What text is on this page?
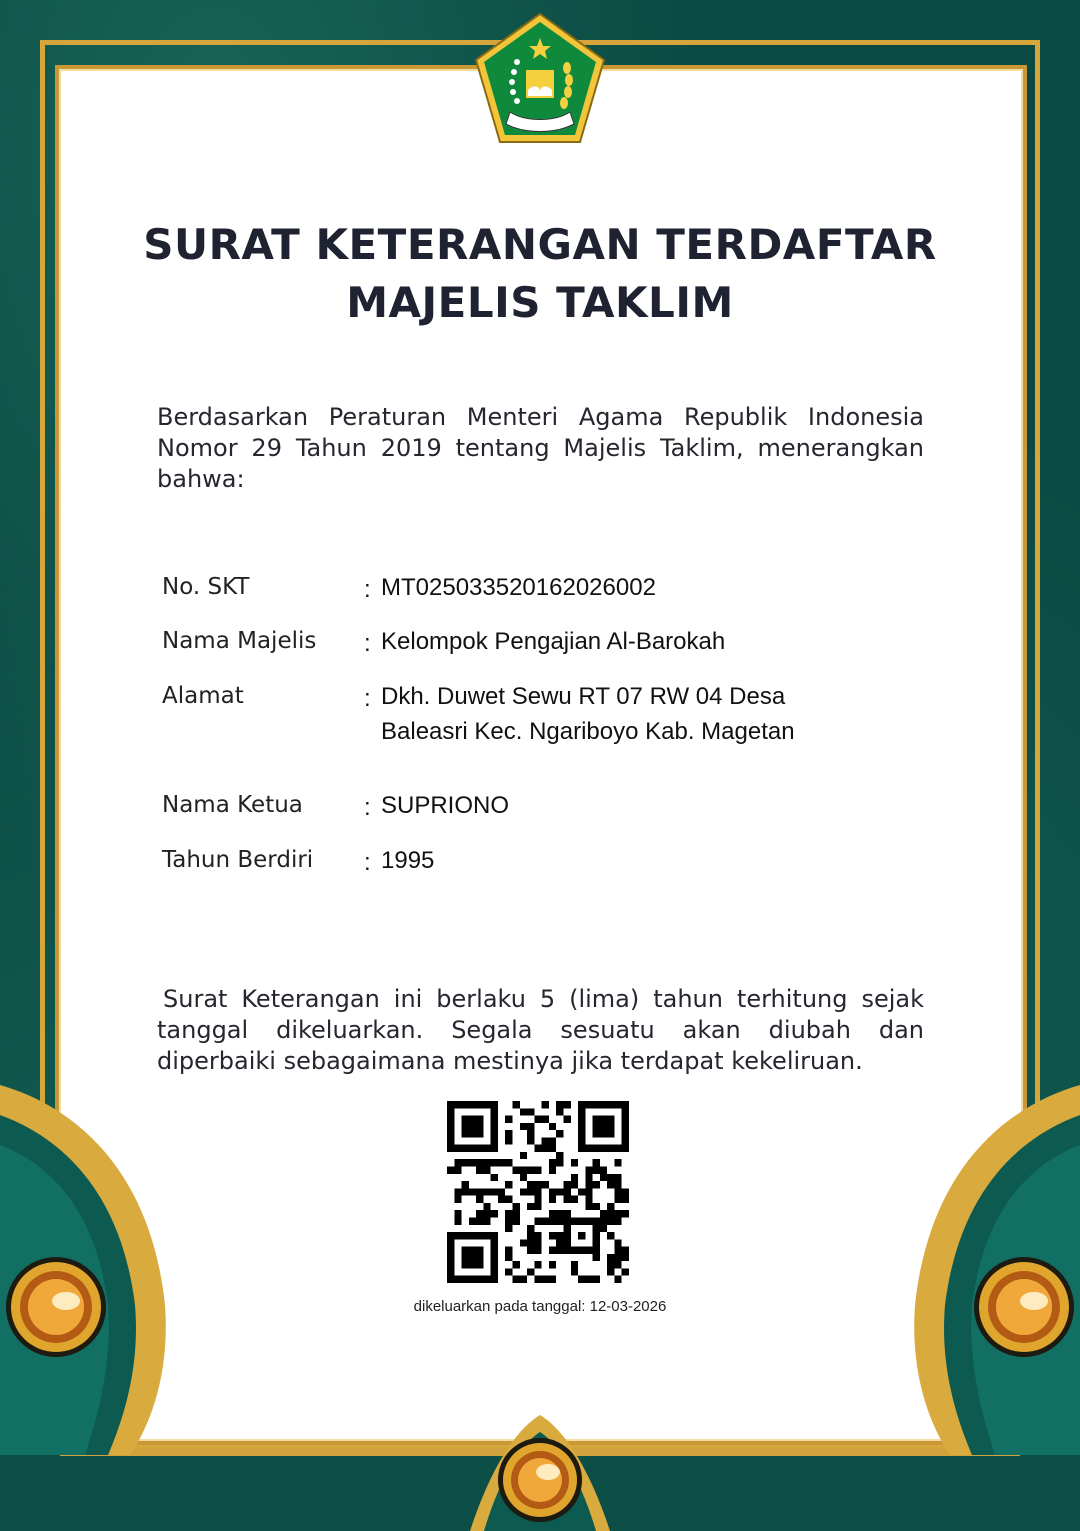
SURAT KETERANGAN TERDAFTAR
MAJELIS TAKLIM
Berdasarkan Peraturan Menteri Agama Republik Indonesia Nomor 29 Tahun 2019 tentang Majelis Taklim, menerangkan bahwa:
No. SKT	: MT025033520162026002
Nama Majelis : Kelompok Pengajian Al-Barokah
Alamat	: Dkh. Duwet Sewu RT 07 RW 04 Desa
Baleasri Kec. Ngariboyo Kab. Magetan
Nama Ketua	: SUPRIONO
Tahun Berdiri : 1995
Surat Keterangan ini berlaku 5 (lima) tahun terhitung sejak tanggal dikeluarkan. Segala sesuatu akan diubah dan diperbaiki sebagaimana mestinya jika terdapat kekeliruan.
dikeluarkan pada tanggal: 12-03-2026
